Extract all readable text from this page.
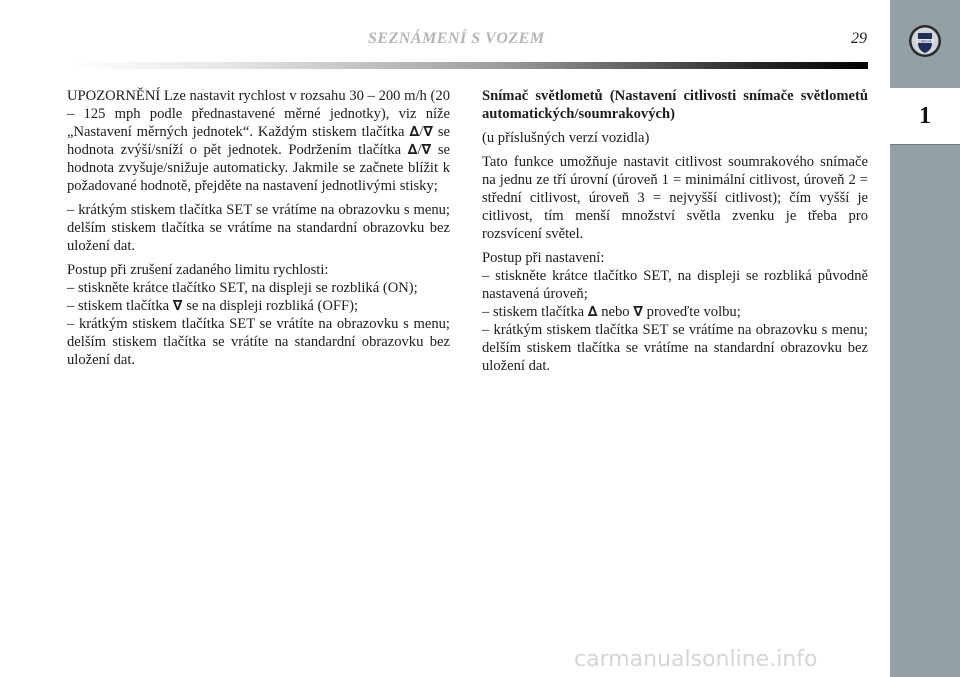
SEZNÁMENÍ S VOZEM	29	LANCIA
1

UPOZORNĚNÍ Lze nastavit rychlost v rozsahu 30 – 200 m/h (20 – 125 mph podle přednastavené měrné jednotky), viz níže „Nastavení měrných jednotek“. Každým stiskem tlačítka ∆/∇ se hodnota zvýší/sníží o pět jednotek. Podržením tlačítka ∆/∇ se hodnota zvyšuje/snižuje automaticky. Jakmile se začnete blížit k požadované hodnotě, přejděte na nastavení jednotlivými stisky;

– krátkým stiskem tlačítka SET se vrátíme na obrazovku s menu; delším stiskem tlačítka se vrátíme na standardní obrazovku bez uložení dat.

Postup při zrušení zadaného limitu rychlosti:

– stiskněte krátce tlačítko SET, na displeji se rozbliká (ON);

– stiskem tlačítka ∇ se na displeji rozbliká (OFF);

– krátkým stiskem tlačítka SET se vrátíte na obrazovku s menu; delším stiskem tlačítka se vrátíte na standardní obrazovku bez uložení dat.

Snímač světlometů (Nastavení citlivosti snímače světlometů automatických/soumrakových)

(u příslušných verzí vozidla)

Tato funkce umožňuje nastavit citlivost soumrakového snímače na jednu ze tří úrovní (úroveň 1 = minimální citlivost, úroveň 2 = střední citlivost, úroveň 3 = nejvyšší citlivost); čím vyšší je citlivost, tím menší množství světla zvenku je třeba pro rozsvícení světel.

Postup při nastavení:

– stiskněte krátce tlačítko SET, na displeji se rozbliká původně nastavená úroveň;

– stiskem tlačítka ∆ nebo ∇ proveďte volbu;

– krátkým stiskem tlačítka SET se vrátíme na obrazovku s menu; delším stiskem tlačítka se vrátíme na standardní obrazovku bez uložení dat.

carmanualsonline.info
